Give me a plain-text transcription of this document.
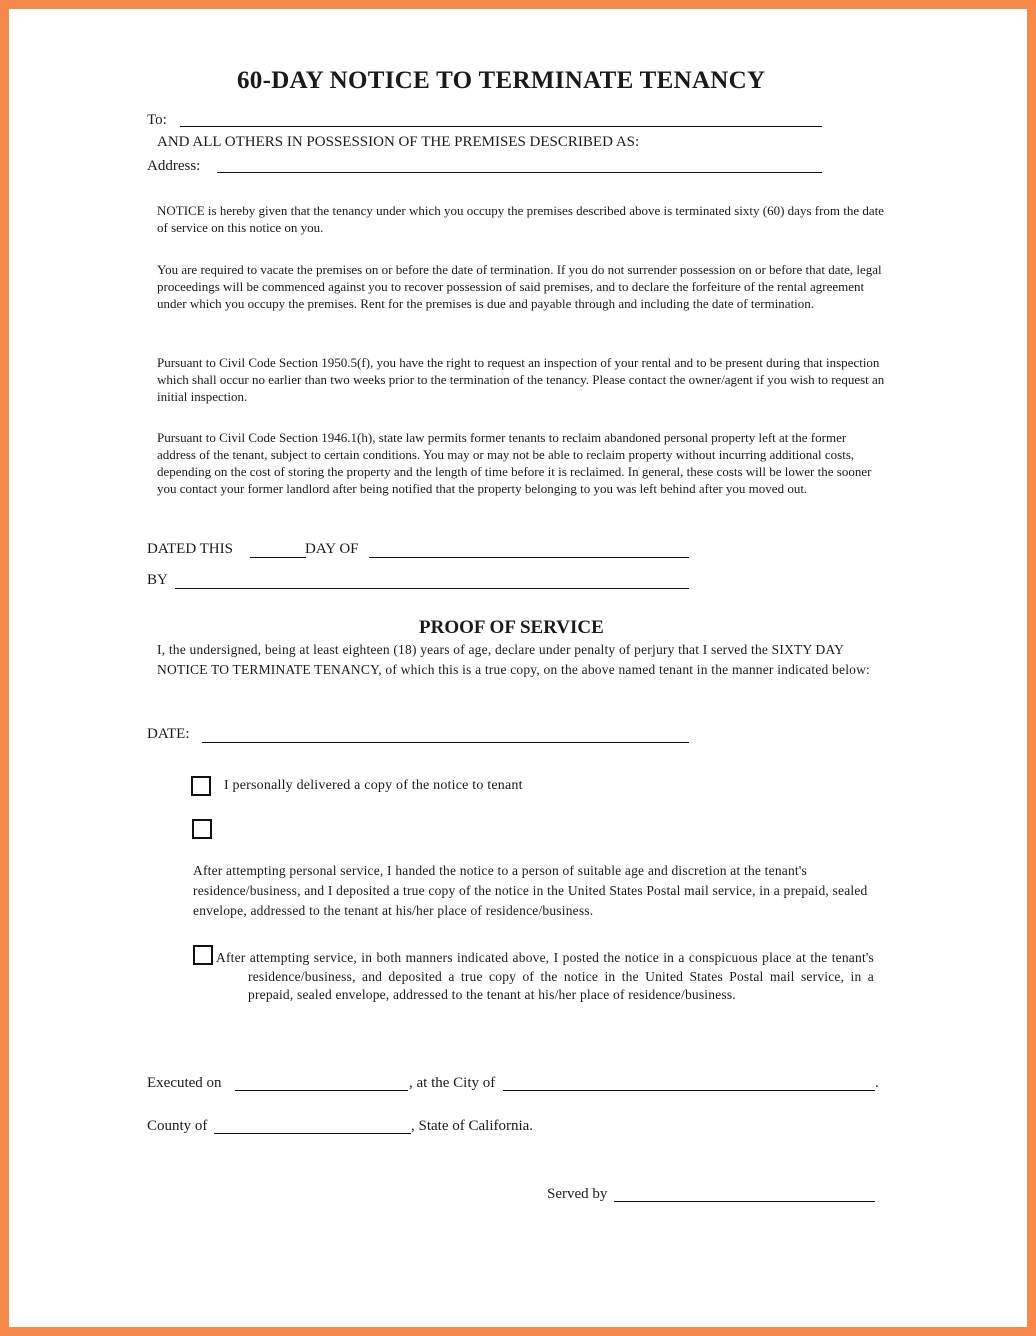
60-DAY NOTICE TO TERMINATE TENANCY
To:
AND ALL OTHERS IN POSSESSION OF THE PREMISES DESCRIBED AS:
Address:
NOTICE is hereby given that the tenancy under which you occupy the premises described above is terminated sixty (60) days from the date of service on this notice on you.
You are required to vacate the premises on or before the date of termination. If you do not surrender possession on or before that date, legal proceedings will be commenced against you to recover possession of said premises, and to declare the forfeiture of the rental agreement under which you occupy the premises. Rent for the premises is due and payable through and including the date of termination.
Pursuant to Civil Code Section 1950.5(f), you have the right to request an inspection of your rental and to be present during that inspection which shall occur no earlier than two weeks prior to the termination of the tenancy. Please contact the owner/agent if you wish to request an initial inspection.
Pursuant to Civil Code Section 1946.1(h), state law permits former tenants to reclaim abandoned personal property left at the former address of the tenant, subject to certain conditions. You may or may not be able to reclaim property without incurring additional costs, depending on the cost of storing the property and the length of time before it is reclaimed. In general, these costs will be lower the sooner you contact your former landlord after being notified that the property belonging to you was left behind after you moved out.
DATED THIS	DAY OF
BY
PROOF OF SERVICE
I, the undersigned, being at least eighteen (18) years of age, declare under penalty of perjury that I served the SIXTY DAY NOTICE TO TERMINATE TENANCY, of which this is a true copy, on the above named tenant in the manner indicated below:
DATE:
I personally delivered a copy of the notice to tenant
After attempting personal service, I handed the notice to a person of suitable age and discretion at the tenant's residence/business, and I deposited a true copy of the notice in the United States Postal mail service, in a prepaid, sealed envelope, addressed to the tenant at his/her place of residence/business.
After attempting service, in both manners indicated above, I posted the notice in a conspicuous place at the tenant's residence/business, and deposited a true copy of the notice in the United States Postal mail service, in a prepaid, sealed envelope, addressed to the tenant at his/her place of residence/business.
Executed on	, at the City of	.
County of	, State of California.
Served by
